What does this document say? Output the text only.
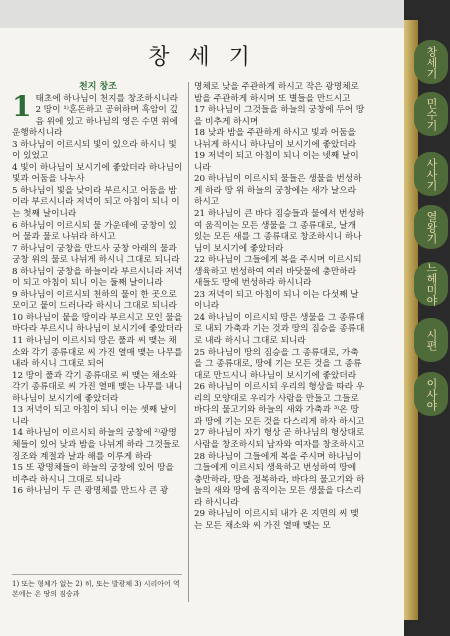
창 세 기
천지 창조
1 태초에 하나님이 천지를 창조하시니라
2 땅이 ¹⁾혼돈하고 공허하며 흑암이 깊음 위에 있고 하나님의 영은 수면 위에 운행하시니라
3 하나님이 이르시되 빛이 있으라 하시니 빛이 있었고
4 빛이 하나님이 보시기에 좋았더라 하나님이 빛과 어둠을 나누사
5 하나님이 빛을 낮이라 부르시고 어둠을 밤이라 부르시니라 저녁이 되고 아침이 되니 이는 첫째 날이니라
6 하나님이 이르시되 물 가운데에 궁창이 있어 물과 물로 나뉘라 하시고
7 하나님이 궁창을 만드사 궁창 아래의 물과 궁창 위의 물로 나뉘게 하시니 그대로 되니라
8 하나님이 궁창을 하늘이라 부르시니라 저녁이 되고 아침이 되니 이는 둘째 날이니라
9 하나님이 이르시되 천하의 물이 한 곳으로 모이고 뭍이 드러나라 하시니 그대로 되니라
10 하나님이 뭍을 땅이라 부르시고 모인 물을 바다라 부르시니 하나님이 보시기에 좋았더라
11 하나님이 이르시되 땅은 풀과 씨 맺는 채소와 각기 종류대로 씨 가진 열매 맺는 나무를 내라 하시니 그대로 되어
12 땅이 풀과 각기 종류대로 씨 맺는 채소와 각기 종류대로 씨 가진 열매 맺는 나무를 내니 하나님이 보시기에 좋았더라
13 저녁이 되고 아침이 되니 이는 셋째 날이니라
14 하나님이 이르시되 하늘의 궁창에 ²⁾광명체들이 있어 낮과 밤을 나뉘게 하라 그것들로 징조와 계절과 날과 해를 이루게 하라
15 또 광명체들이 하늘의 궁창에 있어 땅을 비추라 하시니 그대로 되니라
16 하나님이 두 큰 광명체를 만드사 큰 광
명체로 낮을 주관하게 하시고 작은 광명체로 밤을 주관하게 하시며 또 별들을 만드시고
17 하나님이 그것들을 하늘의 궁창에 두어 땅을 비추게 하시며
18 낮과 밤을 주관하게 하시고 빛과 어둠을 나뉘게 하시니 하나님이 보시기에 좋았더라
19 저녁이 되고 아침이 되니 이는 넷째 날이니라
20 하나님이 이르시되 물들은 생물을 번성하게 하라 땅 위 하늘의 궁창에는 새가 날으라 하시고
21 하나님이 큰 바다 짐승들과 물에서 번성하여 움직이는 모든 생물을 그 종류대로, 날개 있는 모든 새를 그 종류대로 창조하시니 하나님이 보시기에 좋았더라
22 하나님이 그들에게 복을 주시며 이르시되 생육하고 번성하여 여러 바닷물에 충만하라 새들도 땅에 번성하라 하시니라
23 저녁이 되고 아침이 되니 이는 다섯째 날이니라
24 하나님이 이르시되 땅은 생물을 그 종류대로 내되 가축과 기는 것과 땅의 짐승을 종류대로 내라 하시니 그대로 되니라
25 하나님이 땅의 짐승을 그 종류대로, 가축을 그 종류대로, 땅에 기는 모든 것을 그 종류대로 만드시니 하나님이 보시기에 좋았더라
26 하나님이 이르시되 우리의 형상을 따라 우리의 모양대로 우리가 사람을 만들고 그들로 바다의 물고기와 하늘의 새와 가축과 ³⁾온 땅과 땅에 기는 모든 것을 다스리게 하자 하시고
27 하나님이 자기 형상 곧 하나님의 형상대로 사람을 창조하시되 남자와 여자를 창조하시고
28 하나님이 그들에게 복을 주시며 하나님이 그들에게 이르시되 생육하고 번성하여 땅에 충만하라, 땅을 정복하라, 바다의 물고기와 하늘의 새와 땅에 움직이는 모든 생물을 다스리라 하시니라
29 하나님이 이르시되 내가 온 지면의 씨 맺는 모든 채소와 씨 가진 열매 맺는 모
1) 또는 형체가 없는 2) 히, 또는 발광체 3) 시리아어 역본에는 온 땅의 짐승과
창세기
민수기
사사기
열왕기
느헤미야
시편
이사야
